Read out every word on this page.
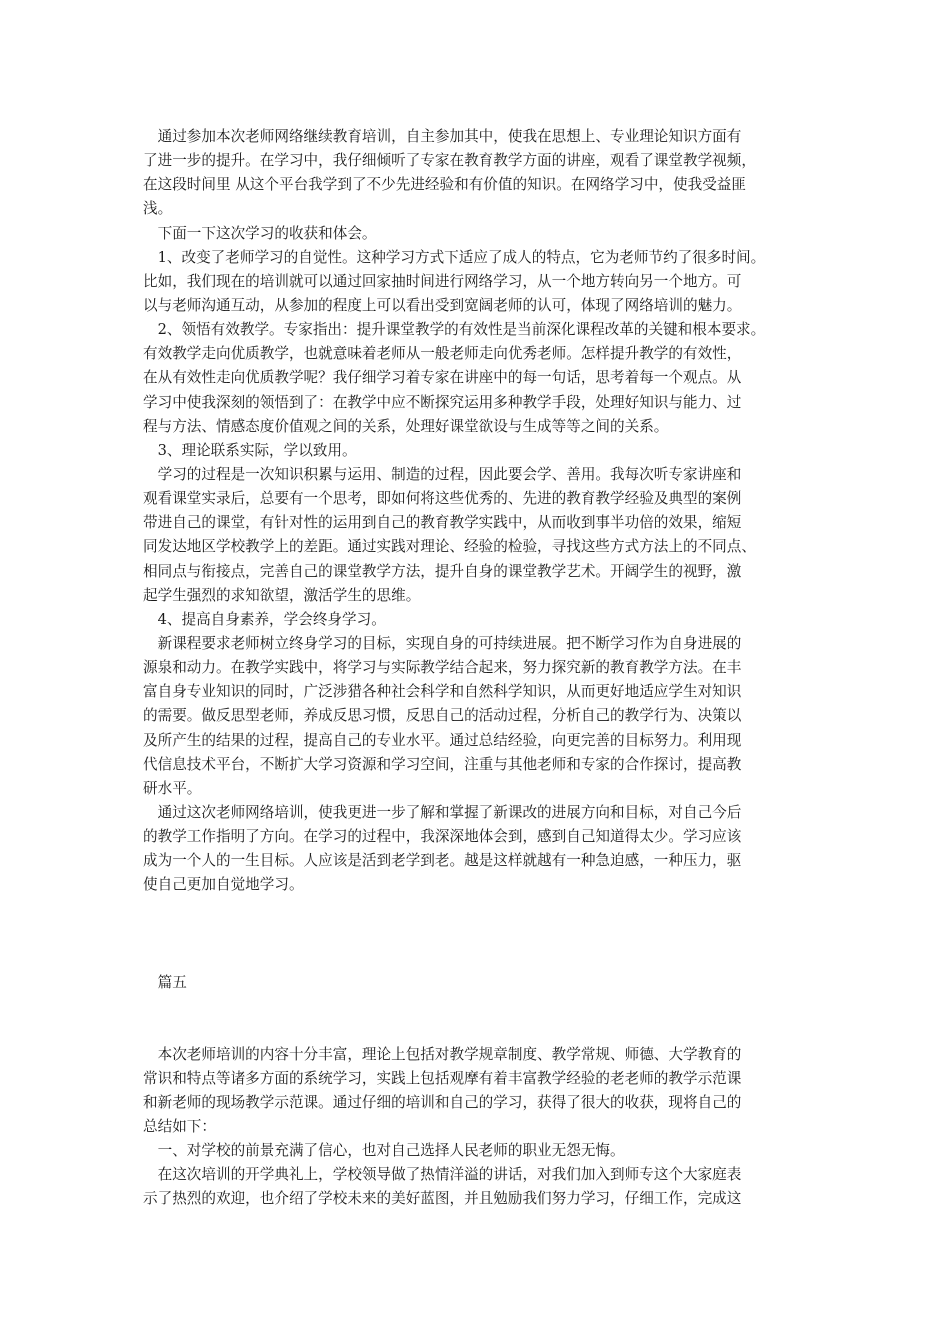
　通过参加本次老师网络继续教育培训，自主参加其中，使我在思想上、专业理论知识方面有
了进一步的提升。在学习中，我仔细倾听了专家在教育教学方面的讲座，观看了课堂教学视频，
在这段时间里 从这个平台我学到了不少先进经验和有价值的知识。在网络学习中，使我受益匪
浅。
　下面一下这次学习的收获和体会。
　1、改变了老师学习的自觉性。这种学习方式下适应了成人的特点，它为老师节约了很多时间。
比如，我们现在的培训就可以通过回家抽时间进行网络学习，从一个地方转向另一个地方。可
以与老师沟通互动，从参加的程度上可以看出受到宽阔老师的认可，体现了网络培训的魅力。
　2、领悟有效教学。专家指出：提升课堂教学的有效性是当前深化课程改革的关键和根本要求。
有效教学走向优质教学，也就意味着老师从一般老师走向优秀老师。怎样提升教学的有效性，
在从有效性走向优质教学呢？我仔细学习着专家在讲座中的每一句话，思考着每一个观点。从
学习中使我深刻的领悟到了：在教学中应不断探究运用多种教学手段，处理好知识与能力、过
程与方法、情感态度价值观之间的关系，处理好课堂欲设与生成等等之间的关系。
　3、理论联系实际，学以致用。
　学习的过程是一次知识积累与运用、制造的过程，因此要会学、善用。我每次听专家讲座和
观看课堂实录后，总要有一个思考，即如何将这些优秀的、先进的教育教学经验及典型的案例
带进自己的课堂，有针对性的运用到自己的教育教学实践中，从而收到事半功倍的效果，缩短
同发达地区学校教学上的差距。通过实践对理论、经验的检验，寻找这些方式方法上的不同点、
相同点与衔接点，完善自己的课堂教学方法，提升自身的课堂教学艺术。开阔学生的视野，激
起学生强烈的求知欲望，激活学生的思维。
　4、提高自身素养，学会终身学习。
　新课程要求老师树立终身学习的目标，实现自身的可持续进展。把不断学习作为自身进展的
源泉和动力。在教学实践中，将学习与实际教学结合起来，努力探究新的教育教学方法。在丰
富自身专业知识的同时，广泛涉猎各种社会科学和自然科学知识，从而更好地适应学生对知识
的需要。做反思型老师，养成反思习惯，反思自己的活动过程，分析自己的教学行为、决策以
及所产生的结果的过程，提高自己的专业水平。通过总结经验，向更完善的目标努力。利用现
代信息技术平台，不断扩大学习资源和学习空间，注重与其他老师和专家的合作探讨，提高教
研水平。
　通过这次老师网络培训，使我更进一步了解和掌握了新课改的进展方向和目标，对自己今后
的教学工作指明了方向。在学习的过程中，我深深地体会到，感到自己知道得太少。学习应该
成为一个人的一生目标。人应该是活到老学到老。越是这样就越有一种急迫感，一种压力，驱
使自己更加自觉地学习。
　篇五
　本次老师培训的内容十分丰富，理论上包括对教学规章制度、教学常规、师德、大学教育的
常识和特点等诸多方面的系统学习，实践上包括观摩有着丰富教学经验的老老师的教学示范课
和新老师的现场教学示范课。通过仔细的培训和自己的学习，获得了很大的收获，现将自己的
总结如下：
　一、对学校的前景充满了信心，也对自己选择人民老师的职业无怨无悔。
　在这次培训的开学典礼上，学校领导做了热情洋溢的讲话，对我们加入到师专这个大家庭表
示了热烈的欢迎，也介绍了学校未来的美好蓝图，并且勉励我们努力学习，仔细工作，完成这
